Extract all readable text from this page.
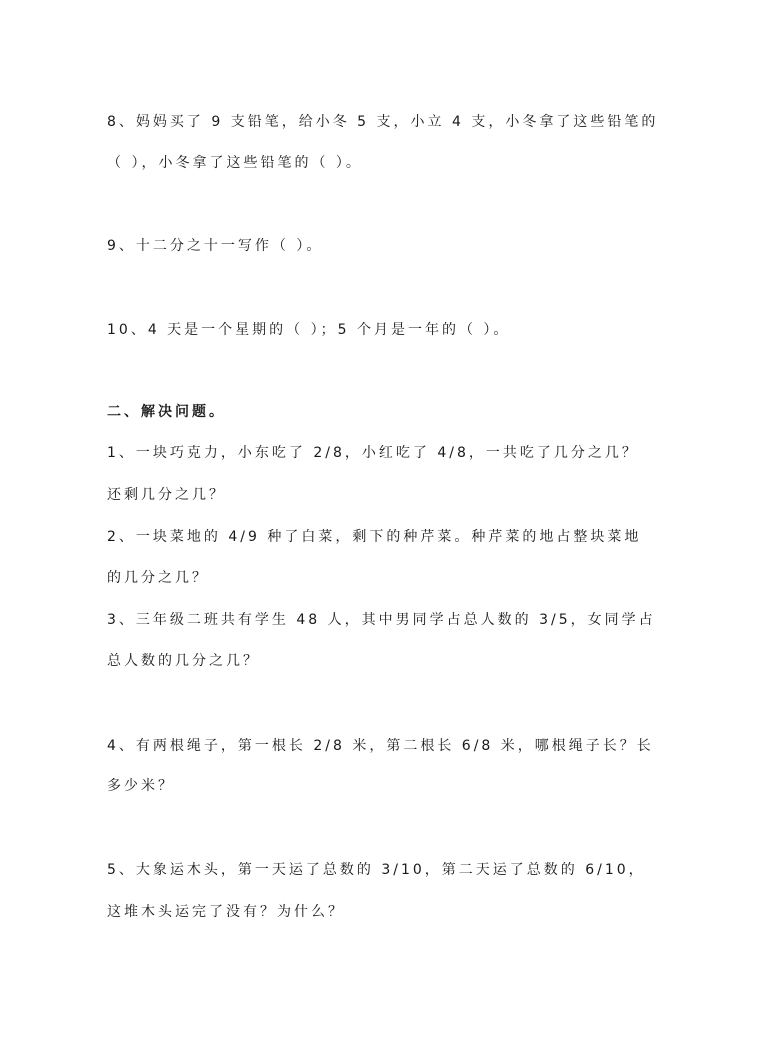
8、妈妈买了 9 支铅笔，给小冬 5 支，小立 4 支，小冬拿了这些铅笔的
（ ），小冬拿了这些铅笔的（ ）。
9、十二分之十一写作（ ）。
10、4 天是一个星期的（ ）；5 个月是一年的（ ）。
二、解决问题。
1、一块巧克力，小东吃了 2/8，小红吃了 4/8，一共吃了几分之几？
还剩几分之几？
2、一块菜地的 4/9 种了白菜，剩下的种芹菜。种芹菜的地占整块菜地
的几分之几？
3、三年级二班共有学生 48 人，其中男同学占总人数的 3/5，女同学占
总人数的几分之几？
4、有两根绳子，第一根长 2/8 米，第二根长 6/8 米，哪根绳子长？长
多少米？
5、大象运木头，第一天运了总数的 3/10，第二天运了总数的 6/10，
这堆木头运完了没有？为什么？
